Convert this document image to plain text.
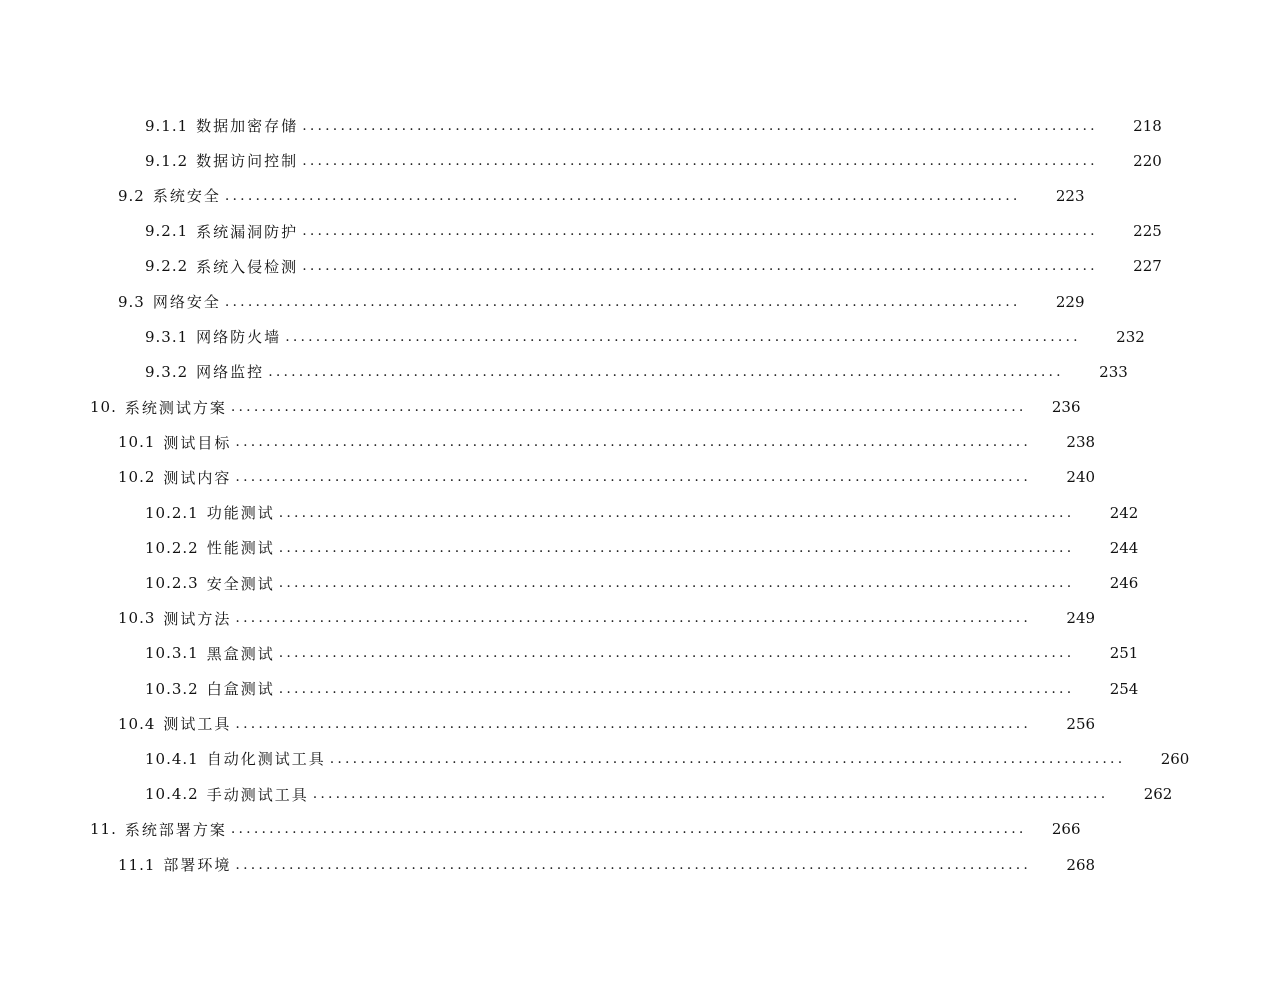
9.1.1 数据加密存储 ........................................................................................................	218
9.1.2 数据访问控制 ........................................................................................................	220
9.2 系统安全 ........................................................................................................	223
9.2.1 系统漏洞防护 ........................................................................................................	225
9.2.2 系统入侵检测 ........................................................................................................	227
9.3 网络安全 ........................................................................................................	229
9.3.1 网络防火墙 ........................................................................................................	232
9.3.2 网络监控 ........................................................................................................	233
10. 系统测试方案 ........................................................................................................	236
10.1 测试目标 ........................................................................................................	238
10.2 测试内容 ........................................................................................................	240
10.2.1 功能测试 ........................................................................................................	242
10.2.2 性能测试 ........................................................................................................	244
10.2.3 安全测试 ........................................................................................................	246
10.3 测试方法 ........................................................................................................	249
10.3.1 黑盒测试 ........................................................................................................	251
10.3.2 白盒测试 ........................................................................................................	254
10.4 测试工具 ........................................................................................................	256
10.4.1 自动化测试工具 ........................................................................................................	260
10.4.2 手动测试工具 ........................................................................................................	262
11. 系统部署方案 ........................................................................................................	266
11.1 部署环境 ........................................................................................................	268
